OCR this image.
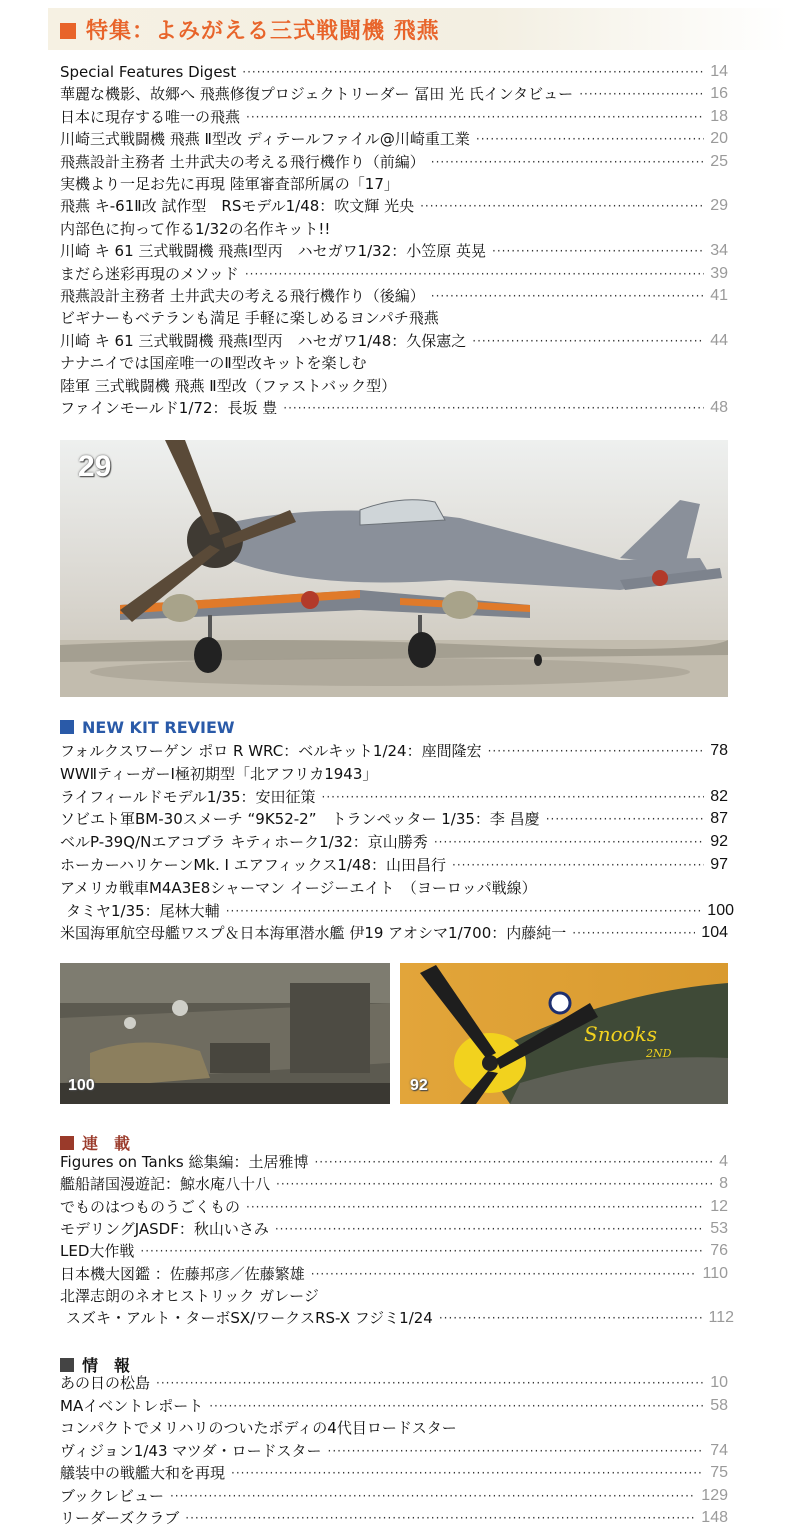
特集：よみがえる三式戦闘機 飛燕
29
NEW KIT REVIEW
100
Snooks
2ND
92
連　載
情　報
Special Features Digest ·····	14
華麗な機影、故郷へ 飛燕修復プロジェクトリーダー 冨田 光 氏インタビュー ·····	16
日本に現存する唯一の飛燕 ·····	18
川崎三式戦闘機 飛燕 Ⅱ型改 ディテールファイル@川崎重工業 ·····	20
飛燕設計主務者 土井武夫の考える飛行機作り（前編） ·····	25
実機より一足お先に再現 陸軍審査部所属の「17」
飛燕 キ-61Ⅱ改 試作型　RSモデル1/48：吹文輝 光央 ·····	29
内部色に拘って作る1/32の名作キット!!
川崎 キ 61 三式戦闘機 飛燕Ⅰ型丙　ハセガワ1/32：小笠原 英晃 ·····	34
まだら迷彩再現のメソッド ·····	39
飛燕設計主務者 土井武夫の考える飛行機作り（後編） ·····	41
ビギナーもベテランも満足 手軽に楽しめるヨンパチ飛燕
川崎 キ 61 三式戦闘機 飛燕Ⅰ型丙　ハセガワ1/48：久保憲之 ·····	44
ナナニイでは国産唯一のⅡ型改キットを楽しむ
陸軍 三式戦闘機 飛燕 Ⅱ型改（ファストバック型）
ファインモールド1/72：長坂 豊 ·····	48
フォルクスワーゲン ポロ R WRC：ベルキット1/24：座間隆宏 ·····	78
WWⅡティーガーⅠ極初期型「北アフリカ1943」
ライフィールドモデル1/35：安田征策 ·····	82
ソビエト軍BM-30スメーチ “9K52-2”　トランペッター 1/35：李 昌慶 ·····	87
ベルP-39Q/Nエアコブラ キティホーク1/32：京山勝秀 ·····	92
ホーカーハリケーンMk. Ⅰ エアフィックス1/48：山田昌行 ·····	97
アメリカ戦車M4A3E8シャーマン イージーエイト　（ヨーロッパ戦線）
タミヤ1/35：尾林大輔 ·····	100
米国海軍航空母艦ワスプ＆日本海軍潜水艦 伊19 アオシマ1/700：内藤純一 ·····	104
Figures on Tanks 総集編：土居雅博 ·····	4
艦船諸国漫遊記：鯨水庵八十八 ·····	8
でものはつものうごくもの ·····	12
モデリングJASDF：秋山いさみ ·····	53
LED大作戦 ·····	76
日本機大図鑑 ：佐藤邦彦／佐藤繁雄 ·····	110
北澤志朗のネオヒストリック ガレージ
スズキ・アルト・ターボSX/ワークスRS-X フジミ1/24 ·····	112
あの日の松島 ·····	10
MAイベントレポート ·····	58
コンパクトでメリハリのついたボディの4代目ロードスター
ヴィジョン1/43 マツダ・ロードスター ·····	74
艤装中の戦艦大和を再現 ·····	75
ブックレビュー ·····	129
リーダーズクラブ ·····	148
